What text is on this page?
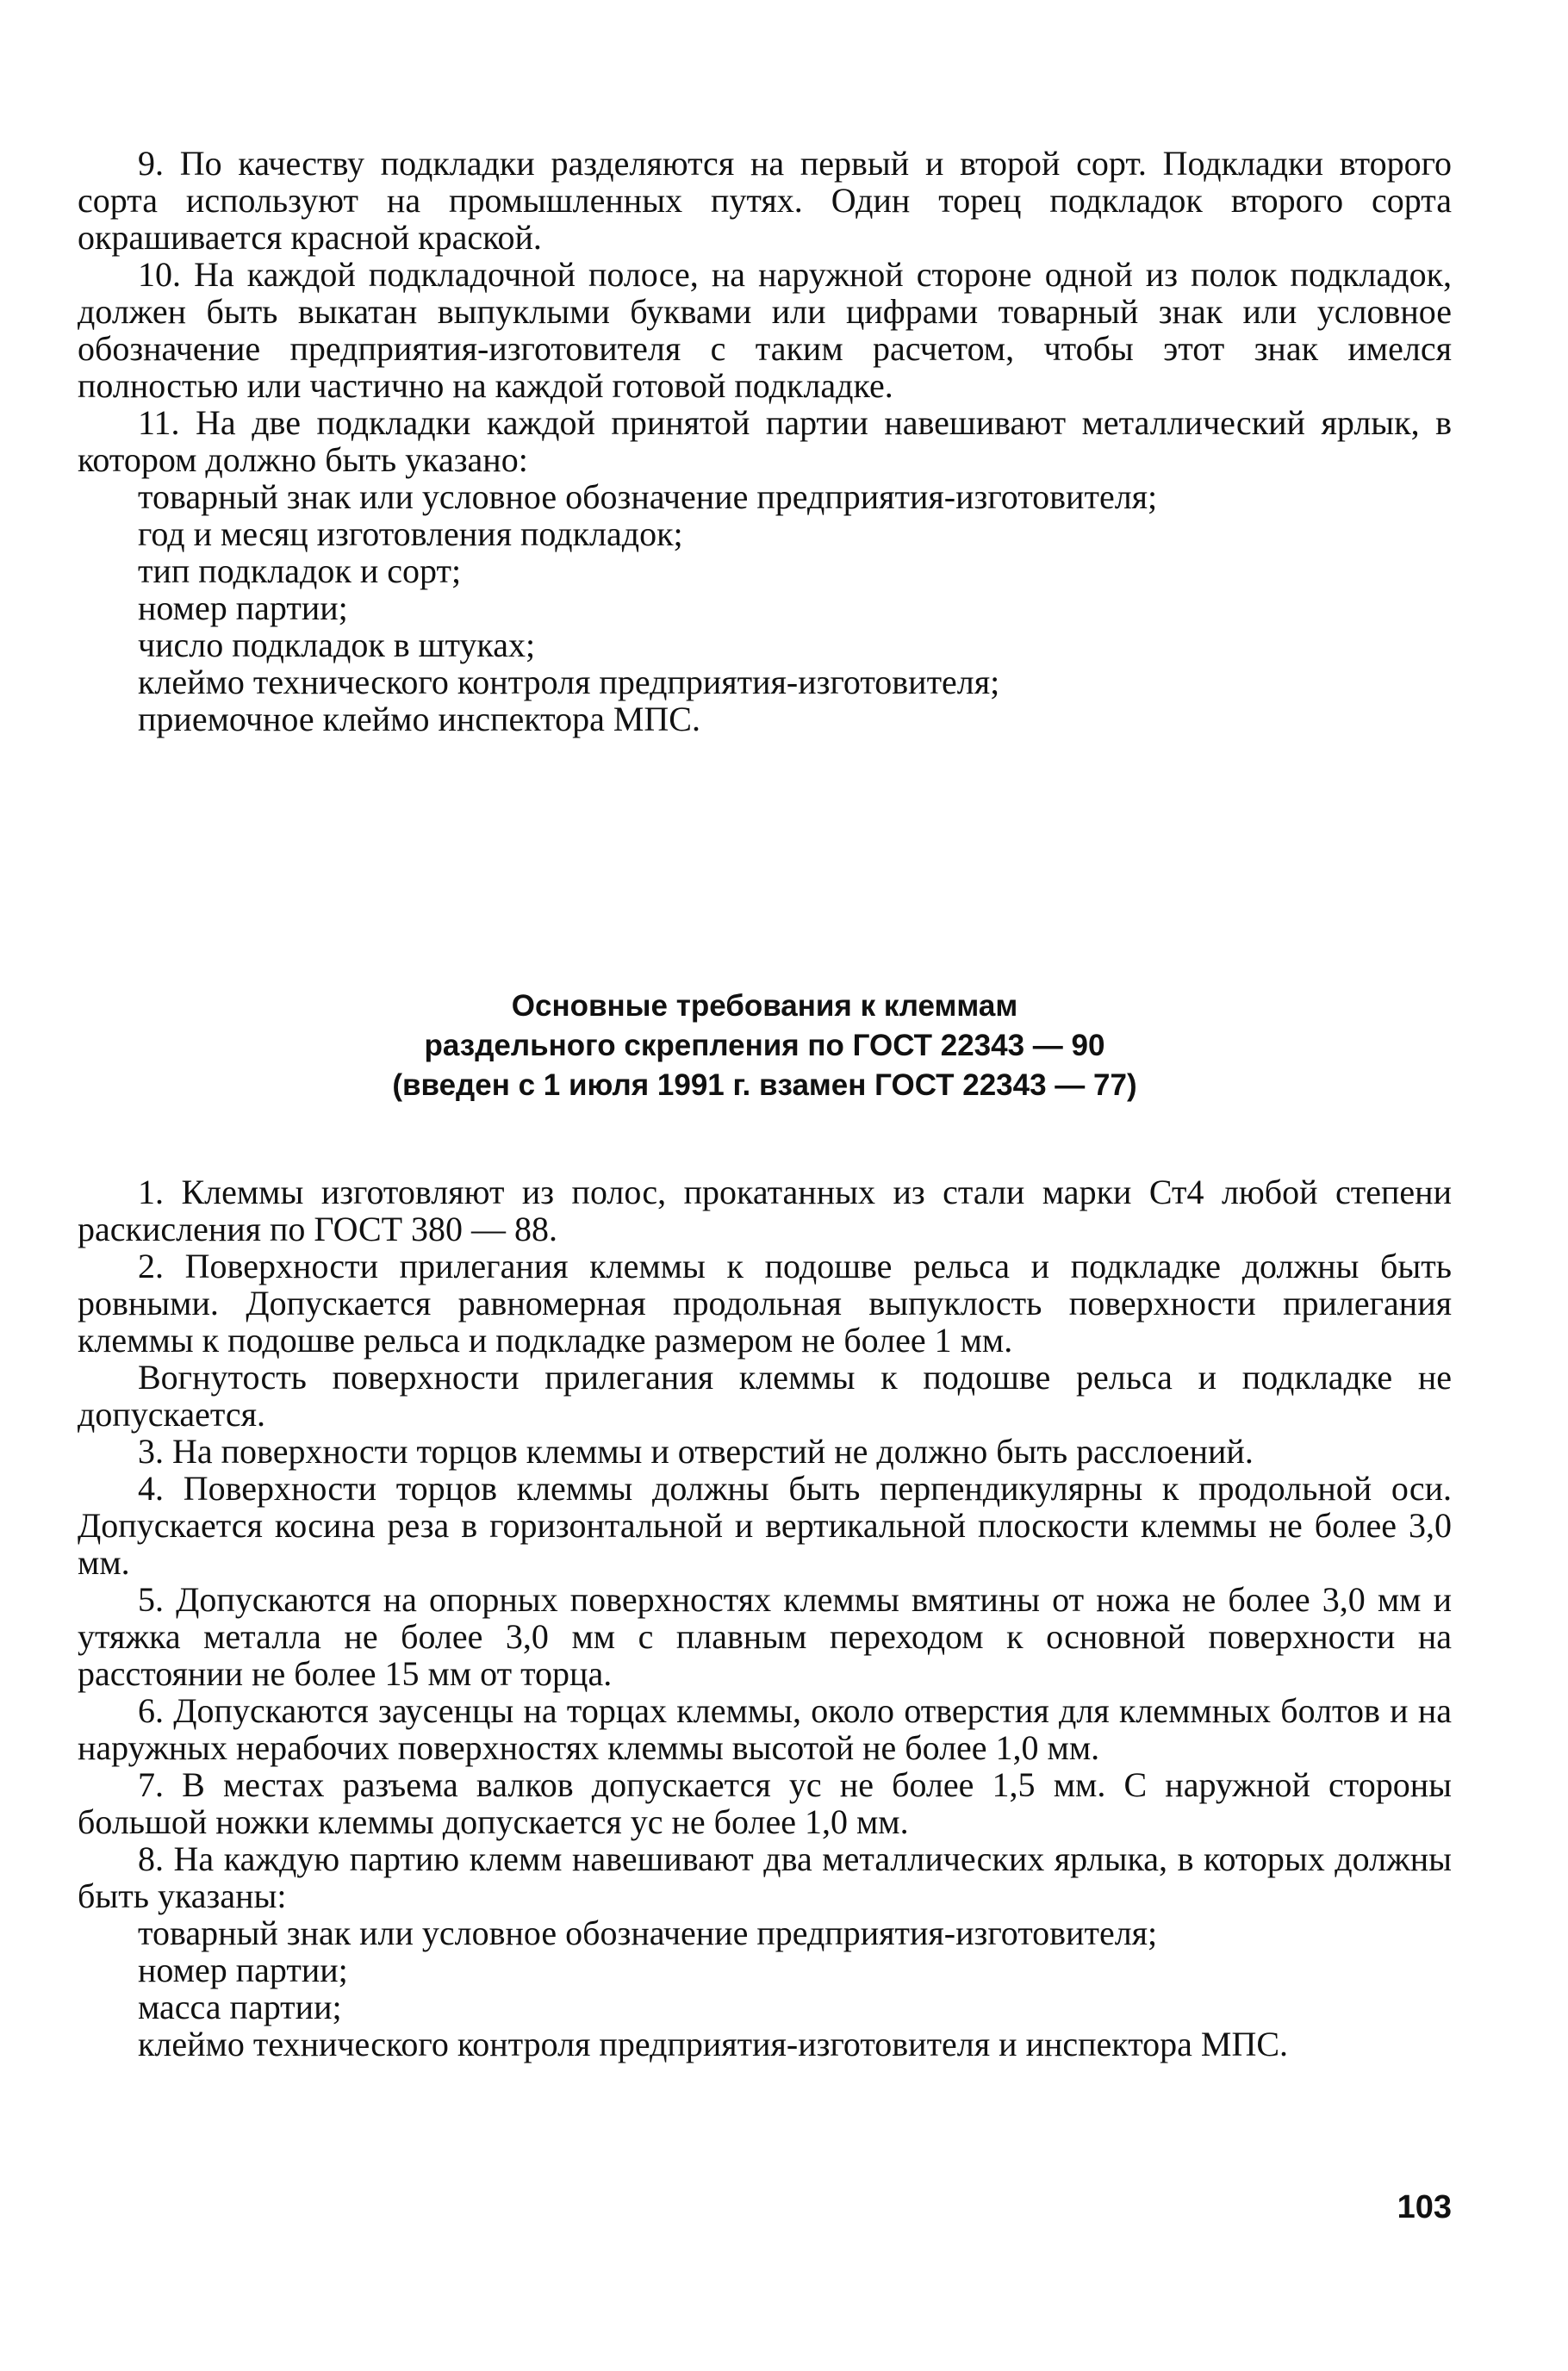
9. По качеству подкладки разделяются на первый и второй сорт. Подкладки второго сорта используют на промышленных путях. Один торец подкладок второго сорта окрашивается красной краской.

10. На каждой подкладочной полосе, на наружной стороне одной из полок подкладок, должен быть выкатан выпуклыми буквами или цифрами товарный знак или условное обозначение предприятия-изготовителя с таким расчетом, чтобы этот знак имелся полностью или частично на каждой готовой подкладке.

11. На две подкладки каждой принятой партии навешивают металлический ярлык, в котором должно быть указано:

товарный знак или условное обозначение предприятия-изготовителя;

год и месяц изготовления подкладок;

тип подкладок и сорт;

номер партии;

число подкладок в штуках;

клеймо технического контроля предприятия-изготовителя;

приемочное клеймо инспектора МПС.

Основные требования к клеммам
раздельного скрепления по ГОСТ 22343 — 90
(введен с 1 июля 1991 г. взамен ГОСТ 22343 — 77)

1. Клеммы изготовляют из полос, прокатанных из стали марки Ст4 любой степени раскисления по ГОСТ 380 — 88.

2. Поверхности прилегания клеммы к подошве рельса и подкладке должны быть ровными. Допускается равномерная продольная выпуклость поверхности прилегания клеммы к подошве рельса и подкладке размером не более 1 мм.

Вогнутость поверхности прилегания клеммы к подошве рельса и подкладке не допускается.

3. На поверхности торцов клеммы и отверстий не должно быть расслоений.

4. Поверхности торцов клеммы должны быть перпендикулярны к продольной оси. Допускается косина реза в горизонтальной и вертикальной плоскости клеммы не более 3,0 мм.

5. Допускаются на опорных поверхностях клеммы вмятины от ножа не более 3,0 мм и утяжка металла не более 3,0 мм с плавным переходом к основной поверхности на расстоянии не более 15 мм от торца.

6. Допускаются заусенцы на торцах клеммы, около отверстия для клеммных болтов и на наружных нерабочих поверхностях клеммы высотой не более 1,0 мм.

7. В местах разъема валков допускается ус не более 1,5 мм. С наружной стороны большой ножки клеммы допускается ус не более 1,0 мм.

8. На каждую партию клемм навешивают два металлических ярлыка, в которых должны быть указаны:

товарный знак или условное обозначение предприятия-изготовителя;

номер партии;

масса партии;

клеймо технического контроля предприятия-изготовителя и инспектора МПС.

103
